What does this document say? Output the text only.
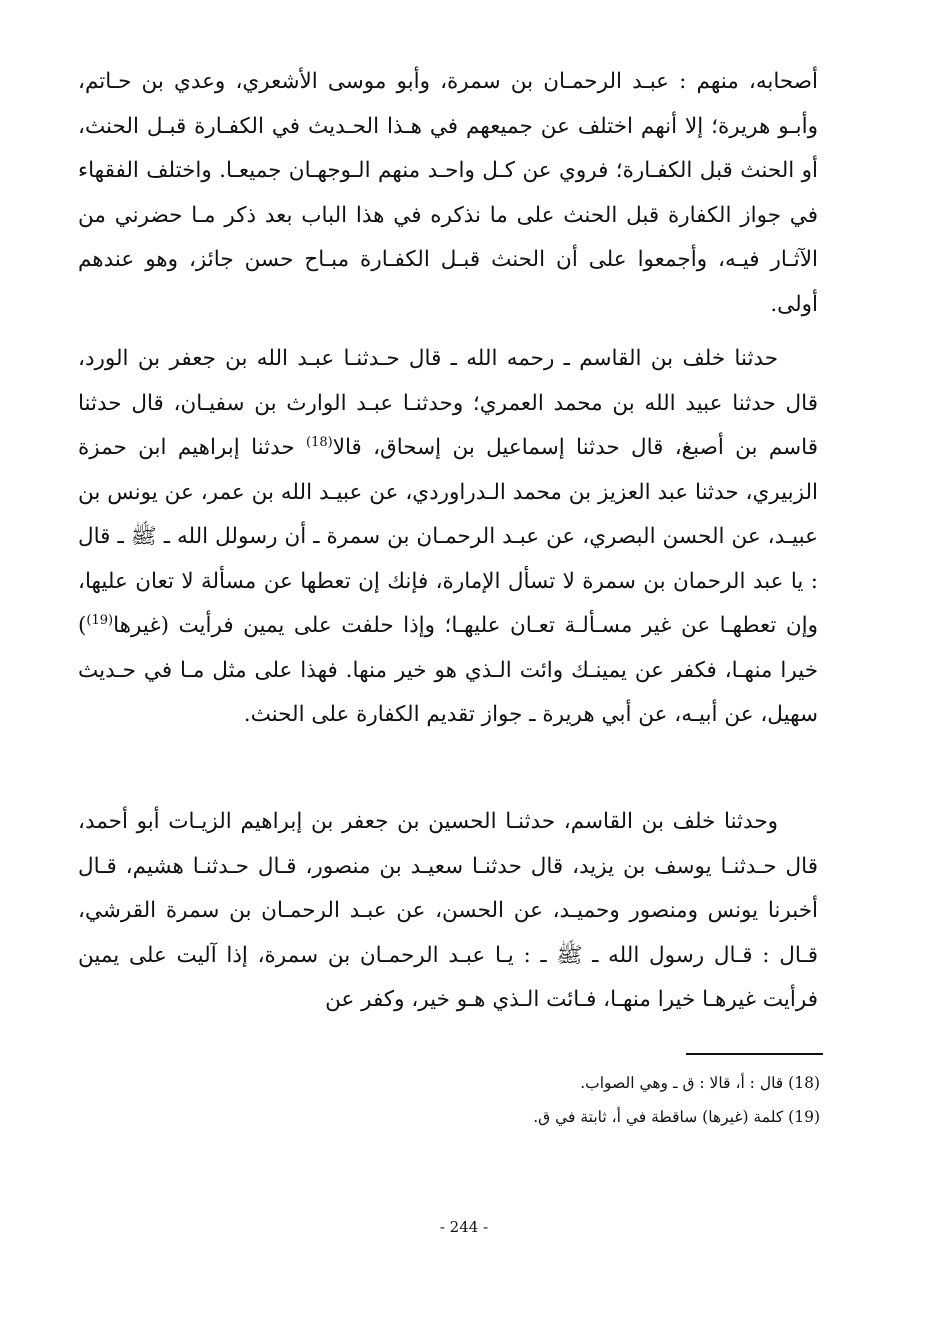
أصحابه، منهم : عبـد الرحمـان بن سمرة، وأبو موسى الأشعري، وعدي بن حـاتم، وأبـو هريرة؛ إلا أنهم اختلف عن جميعهم في هـذا الحـديث في الكفـارة قبـل الحنث، أو الحنث قبل الكفـارة؛ فروي عن كـل واحـد منهم الـوجهـان جميعـا. واختلف الفقهاء في جواز الكفارة قبل الحنث على ما نذكره في هذا الباب بعد ذكر مـا حضرني من الآثـار فيـه، وأجمعوا على أن الحنث قبـل الكفـارة مبـاح حسن جائز، وهو عندهم أولى.

حدثنا خلف بن القاسم ـ رحمه الله ـ قال حـدثنـا عبـد الله بن جعفر بن الورد، قال حدثنا عبيد الله بن محمد العمري؛ وحدثنـا عبـد الوارث بن سفيـان، قال حدثنا قاسم بن أصبغ، قال حدثنا إسماعيل بن إسحاق، قالا$^{(18)}$ حدثنا إبراهيم ابن حمزة الزبيري، حدثنا عبد العزيز بن محمد الـدراوردي، عن عبيـد الله بن عمر، عن يونس بن عبيـد، عن الحسن البصري، عن عبـد الرحمـان بن سمرة ـ أن رسولل الله ـ ﷺ ـ قال : يا عبد الرحمان بن سمرة لا تسأل الإمارة، فإنك إن تعطها عن مسألة لا تعان عليها، وإن تعطهـا عن غير مسـألـة تعـان عليهـا؛ وإذا حلفت على يمين فرأيت (غيرها$^{(19)}$) خيرا منهـا، فكفر عن يمينـك وائت الـذي هو خير منها. فهذا على مثل مـا في حـديث سهيل، عن أبيـه، عن أبي هريرة ـ جواز تقديم الكفارة على الحنث.

وحدثنا خلف بن القاسم، حدثنـا الحسين بن جعفر بن إبراهيم الزيـات أبو أحمد، قال حـدثنـا يوسف بن يزيد، قال حدثنـا سعيـد بن منصور، قـال حـدثنـا هشيم، قـال أخبرنا يونس ومنصور وحميـد، عن الحسن، عن عبـد الرحمـان بن سمرة القرشي، قـال : قـال رسول الله ـ ﷺ ـ : يـا عبـد الرحمـان بن سمرة، إذا آليت على يمين فرأيت غيرهـا خيرا منهـا، فـائت الـذي هـو خير، وكفر عن

(18) قال : أ، قالا : ق ـ وهي الصواب.

(19) كلمة (غيرها) ساقطة في أ، ثابتة في ق.

- 244 -
